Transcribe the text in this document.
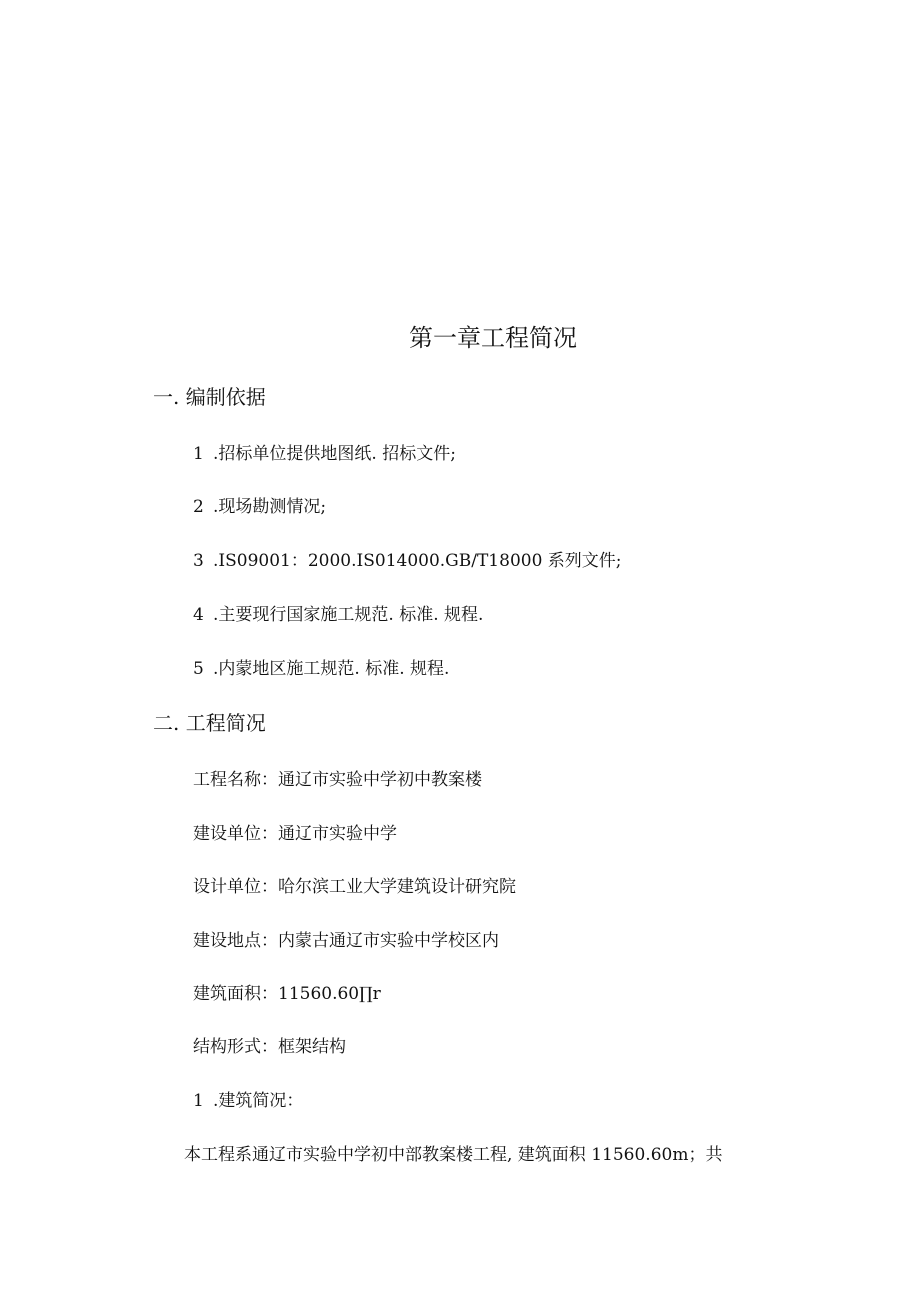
第一章工程简况
一. 编制依据

1 .招标单位提供地图纸. 招标文件;

2 .现场勘测情况;

3 .IS09001：2000.IS014000.GB/T18000 系列文件;

4 .主要现行国家施工规范. 标准. 规程.

5 .内蒙地区施工规范. 标准. 规程.

二. 工程简况

工程名称：通辽市实验中学初中教案楼

建设单位：通辽市实验中学

设计单位：哈尔滨工业大学建筑设计研究院

建设地点：内蒙古通辽市实验中学校区内

建筑面积：11560.60∏r

结构形式：框架结构

1 .建筑简况：

本工程系通辽市实验中学初中部教案楼工程, 建筑面积 11560.60m；共
